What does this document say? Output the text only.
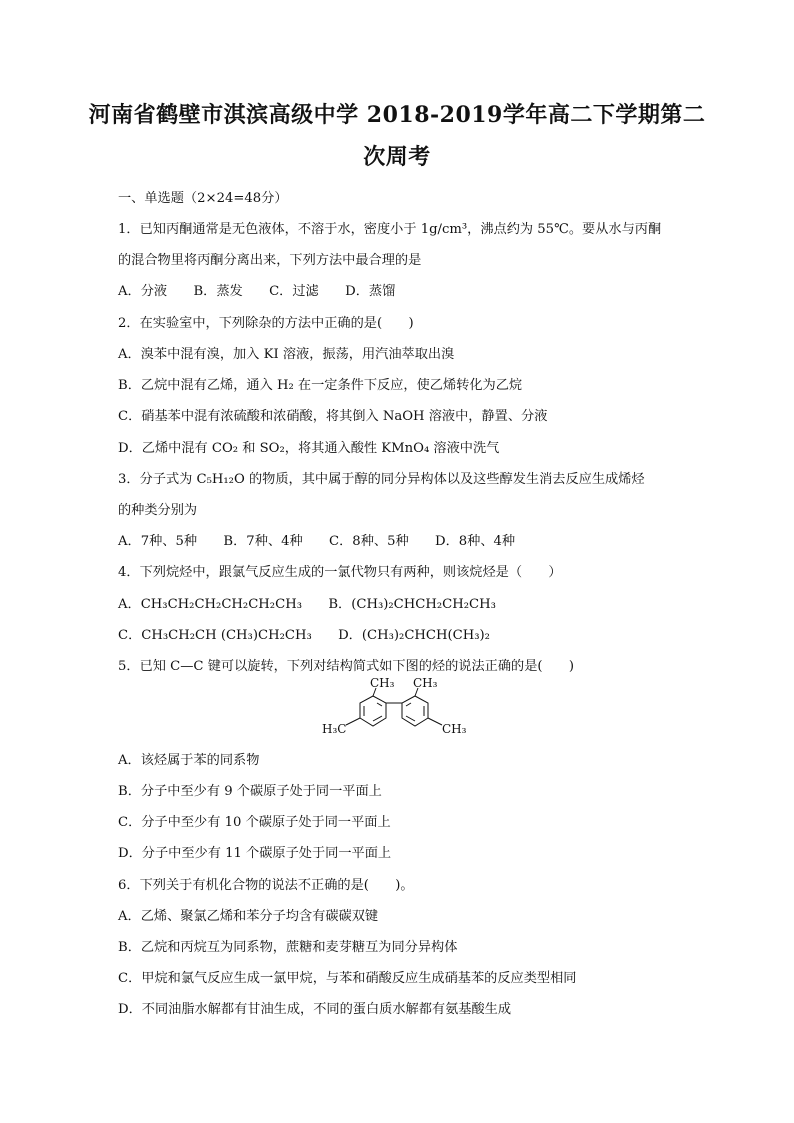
河南省鹤壁市淇滨高级中学 2018-2019学年高二下学期第二
次周考
一、单选题（2×24=48分）
1．已知丙酮通常是无色液体，不溶于水，密度小于 1g/cm³，沸点约为 55℃。要从水与丙酮
的混合物里将丙酮分离出来，下列方法中最合理的是
A．分液　　B．蒸发　　C．过滤　　D．蒸馏
2．在实验室中，下列除杂的方法中正确的是(　　)
A．溴苯中混有溴，加入 KI 溶液，振荡，用汽油萃取出溴
B．乙烷中混有乙烯，通入 H₂ 在一定条件下反应，使乙烯转化为乙烷
C．硝基苯中混有浓硫酸和浓硝酸，将其倒入 NaOH 溶液中，静置、分液
D．乙烯中混有 CO₂ 和 SO₂，将其通入酸性 KMnO₄ 溶液中洗气
3．分子式为 C₅H₁₂O 的物质，其中属于醇的同分异构体以及这些醇发生消去反应生成烯烃
的种类分别为
A．7种、5种　　B．7种、4种　　C．8种、5种　　D．8种、4种
4．下列烷烃中，跟氯气反应生成的一氯代物只有两种，则该烷烃是（　　）
A．CH₃CH₂CH₂CH₂CH₂CH₃　　B．(CH₃)₂CHCH₂CH₂CH₃
C．CH₃CH₂CH (CH₃)CH₂CH₃　　D．(CH₃)₂CHCH(CH₃)₂
5．已知 C—C 键可以旋转，下列对结构简式如下图的烃的说法正确的是(　　)
CH₃ CH₃
H₃C	CH₃
A．该烃属于苯的同系物
B．分子中至少有 9 个碳原子处于同一平面上
C．分子中至少有 10 个碳原子处于同一平面上
D．分子中至少有 11 个碳原子处于同一平面上
6．下列关于有机化合物的说法不正确的是(　　)。
A．乙烯、聚氯乙烯和苯分子均含有碳碳双键
B．乙烷和丙烷互为同系物，蔗糖和麦芽糖互为同分异构体
C．甲烷和氯气反应生成一氯甲烷，与苯和硝酸反应生成硝基苯的反应类型相同
D．不同油脂水解都有甘油生成，不同的蛋白质水解都有氨基酸生成
